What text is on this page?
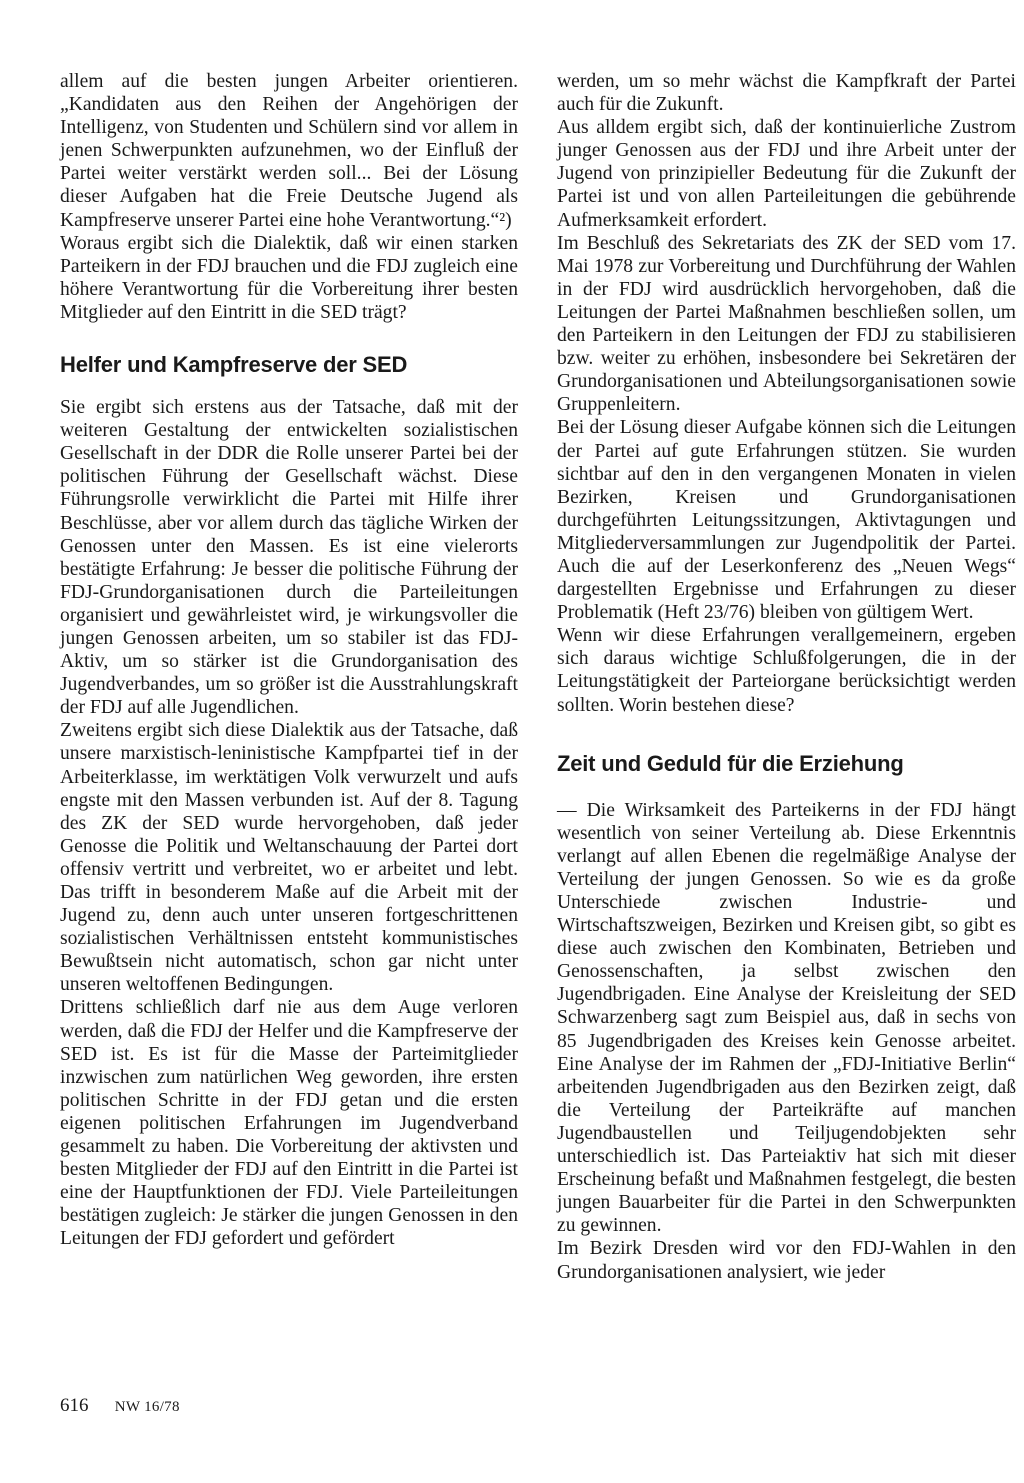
allem auf die besten jungen Arbeiter orientieren. „Kandidaten aus den Reihen der Angehörigen der Intelligenz, von Studenten und Schülern sind vor allem in jenen Schwerpunkten aufzunehmen, wo der Einfluß der Partei weiter verstärkt werden soll... Bei der Lösung dieser Aufgaben hat die Freie Deutsche Jugend als Kampfreserve unserer Partei eine hohe Verantwortung.“²)

Woraus ergibt sich die Dialektik, daß wir einen starken Parteikern in der FDJ brauchen und die FDJ zugleich eine höhere Verantwortung für die Vorbereitung ihrer besten Mitglieder auf den Eintritt in die SED trägt?

Helfer und Kampfreserve der SED

Sie ergibt sich erstens aus der Tatsache, daß mit der weiteren Gestaltung der entwickelten sozialistischen Gesellschaft in der DDR die Rolle unserer Partei bei der politischen Führung der Gesellschaft wächst. Diese Führungsrolle verwirklicht die Partei mit Hilfe ihrer Beschlüsse, aber vor allem durch das tägliche Wirken der Genossen unter den Massen. Es ist eine vielerorts bestätigte Erfahrung: Je besser die politische Führung der FDJ-Grundorganisationen durch die Parteileitungen organisiert und gewährleistet wird, je wirkungsvoller die jungen Genossen arbeiten, um so stabiler ist das FDJ-Aktiv, um so stärker ist die Grundorganisation des Jugendverbandes, um so größer ist die Ausstrahlungskraft der FDJ auf alle Jugendlichen.

Zweitens ergibt sich diese Dialektik aus der Tatsache, daß unsere marxistisch-leninistische Kampfpartei tief in der Arbeiterklasse, im werktätigen Volk verwurzelt und aufs engste mit den Massen verbunden ist. Auf der 8. Tagung des ZK der SED wurde hervorgehoben, daß jeder Genosse die Politik und Weltanschauung der Partei dort offensiv vertritt und verbreitet, wo er arbeitet und lebt. Das trifft in besonderem Maße auf die Arbeit mit der Jugend zu, denn auch unter unseren fortgeschrittenen sozialistischen Verhältnissen entsteht kommunistisches Bewußtsein nicht automatisch, schon gar nicht unter unseren weltoffenen Bedingungen.

Drittens schließlich darf nie aus dem Auge verloren werden, daß die FDJ der Helfer und die Kampfreserve der SED ist. Es ist für die Masse der Parteimitglieder inzwischen zum natürlichen Weg geworden, ihre ersten politischen Schritte in der FDJ getan und die ersten eigenen politischen Erfahrungen im Jugendverband gesammelt zu haben. Die Vorbereitung der aktivsten und besten Mitglieder der FDJ auf den Eintritt in die Partei ist eine der Hauptfunktionen der FDJ. Viele Parteileitungen bestätigen zugleich: Je stärker die jungen Genossen in den Leitungen der FDJ gefordert und gefördert

werden, um so mehr wächst die Kampfkraft der Partei auch für die Zukunft.

Aus alldem ergibt sich, daß der kontinuierliche Zustrom junger Genossen aus der FDJ und ihre Arbeit unter der Jugend von prinzipieller Bedeutung für die Zukunft der Partei ist und von allen Parteileitungen die gebührende Aufmerksamkeit erfordert.

Im Beschluß des Sekretariats des ZK der SED vom 17. Mai 1978 zur Vorbereitung und Durchführung der Wahlen in der FDJ wird ausdrücklich hervorgehoben, daß die Leitungen der Partei Maßnahmen beschließen sollen, um den Parteikern in den Leitungen der FDJ zu stabilisieren bzw. weiter zu erhöhen, insbesondere bei Sekretären der Grundorganisationen und Abteilungsorganisationen sowie Gruppenleitern.

Bei der Lösung dieser Aufgabe können sich die Leitungen der Partei auf gute Erfahrungen stützen. Sie wurden sichtbar auf den in den vergangenen Monaten in vielen Bezirken, Kreisen und Grundorganisationen durchgeführten Leitungssitzungen, Aktivtagungen und Mitgliederversammlungen zur Jugendpolitik der Partei. Auch die auf der Leserkonferenz des „Neuen Wegs“ dargestellten Ergebnisse und Erfahrungen zu dieser Problematik (Heft 23/76) bleiben von gültigem Wert.

Wenn wir diese Erfahrungen verallgemeinern, ergeben sich daraus wichtige Schlußfolgerungen, die in der Leitungstätigkeit der Parteiorgane berücksichtigt werden sollten. Worin bestehen diese?

Zeit und Geduld für die Erziehung

— Die Wirksamkeit des Parteikerns in der FDJ hängt wesentlich von seiner Verteilung ab. Diese Erkenntnis verlangt auf allen Ebenen die regelmäßige Analyse der Verteilung der jungen Genossen. So wie es da große Unterschiede zwischen Industrie- und Wirtschaftszweigen, Bezirken und Kreisen gibt, so gibt es diese auch zwischen den Kombinaten, Betrieben und Genossenschaften, ja selbst zwischen den Jugendbrigaden. Eine Analyse der Kreisleitung der SED Schwarzenberg sagt zum Beispiel aus, daß in sechs von 85 Jugendbrigaden des Kreises kein Genosse arbeitet. Eine Analyse der im Rahmen der „FDJ-Initiative Berlin“ arbeitenden Jugendbrigaden aus den Bezirken zeigt, daß die Verteilung der Parteikräfte auf manchen Jugendbaustellen und Teiljugendobjekten sehr unterschiedlich ist. Das Parteiaktiv hat sich mit dieser Erscheinung befaßt und Maßnahmen festgelegt, die besten jungen Bauarbeiter für die Partei in den Schwerpunkten zu gewinnen.

Im Bezirk Dresden wird vor den FDJ-Wahlen in den Grundorganisationen analysiert, wie jeder

616 NW 16/78
